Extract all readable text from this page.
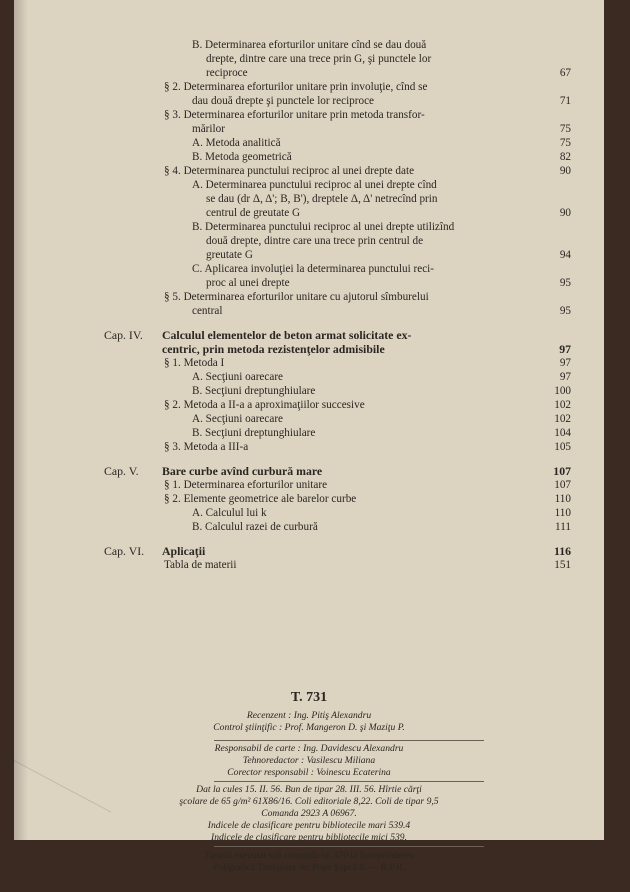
B. Determinarea eforturilor unitare cînd se dau două
drepte, dintre care una trece prin G, şi punctele lor
reciproce	67
§ 2. Determinarea eforturilor unitare prin involuţie, cînd se
dau două drepte şi punctele lor reciproce	71
§ 3. Determinarea eforturilor unitare prin metoda transfor-
mărilor	75
A. Metoda analitică	75
B. Metoda geometrică	82
§ 4. Determinarea punctului reciproc al unei drepte date	90
A. Determinarea punctului reciproc al unei drepte cînd
se dau (dr Δ, Δ'; B, B'), dreptele Δ, Δ' netrecînd prin
centrul de greutate G	90
B. Determinarea punctului reciproc al unei drepte utilizînd
două drepte, dintre care una trece prin centrul de
greutate G	94
C. Aplicarea involuţiei la determinarea punctului reci-
proc al unei drepte	95
§ 5. Determinarea eforturilor unitare cu ajutorul sîmburelui
central	95
Cap. IV. Calculul elementelor de beton armat solicitate ex-
centric, prin metoda rezistenţelor admisibile	97
§ 1. Metoda I	97
A. Secţiuni oarecare	97
B. Secţiuni dreptunghiulare	100
§ 2. Metoda a II-a a aproximaţiilor succesive	102
A. Secţiuni oarecare	102
B. Secţiuni dreptunghiulare	104
§ 3. Metoda a III-a	105
Cap. V. Bare curbe avînd curbură mare	107
§ 1. Determinarea eforturilor unitare	107
§ 2. Elemente geometrice ale barelor curbe	110
A. Calculul lui k	110
B. Calculul razei de curbură	111
Cap. VI. Aplicaţii	116
Tabla de materii	151
T. 731
Recenzent : Ing. Pitiş Alexandru
Control ştiinţific : Prof. Mangeron D. şi Maziţu P.
Responsabil de carte : Ing. Davidescu Alexandru
Tehnoredactor : Vasilescu Miliana
Corector responsabil : Voinescu Ecaterina
Dat la cules 15. II. 56. Bun de tipar 28. III. 56. Hîrtie cărţi
şcolare de 65 g/m² 61X86/16. Coli editoriale 8,22. Coli de tipar 9,5
Comanda 2923 A 06967.
Indicele de clasificare pentru bibliotecile mari 539.4
Indicele de clasificare pentru bibliotecile mici 539.
Tiparul executat sub comanda nr. 470 la Întreprinderea
Poligrafică Timişoara str. Popa Şapcă 8. — R.P.R.
